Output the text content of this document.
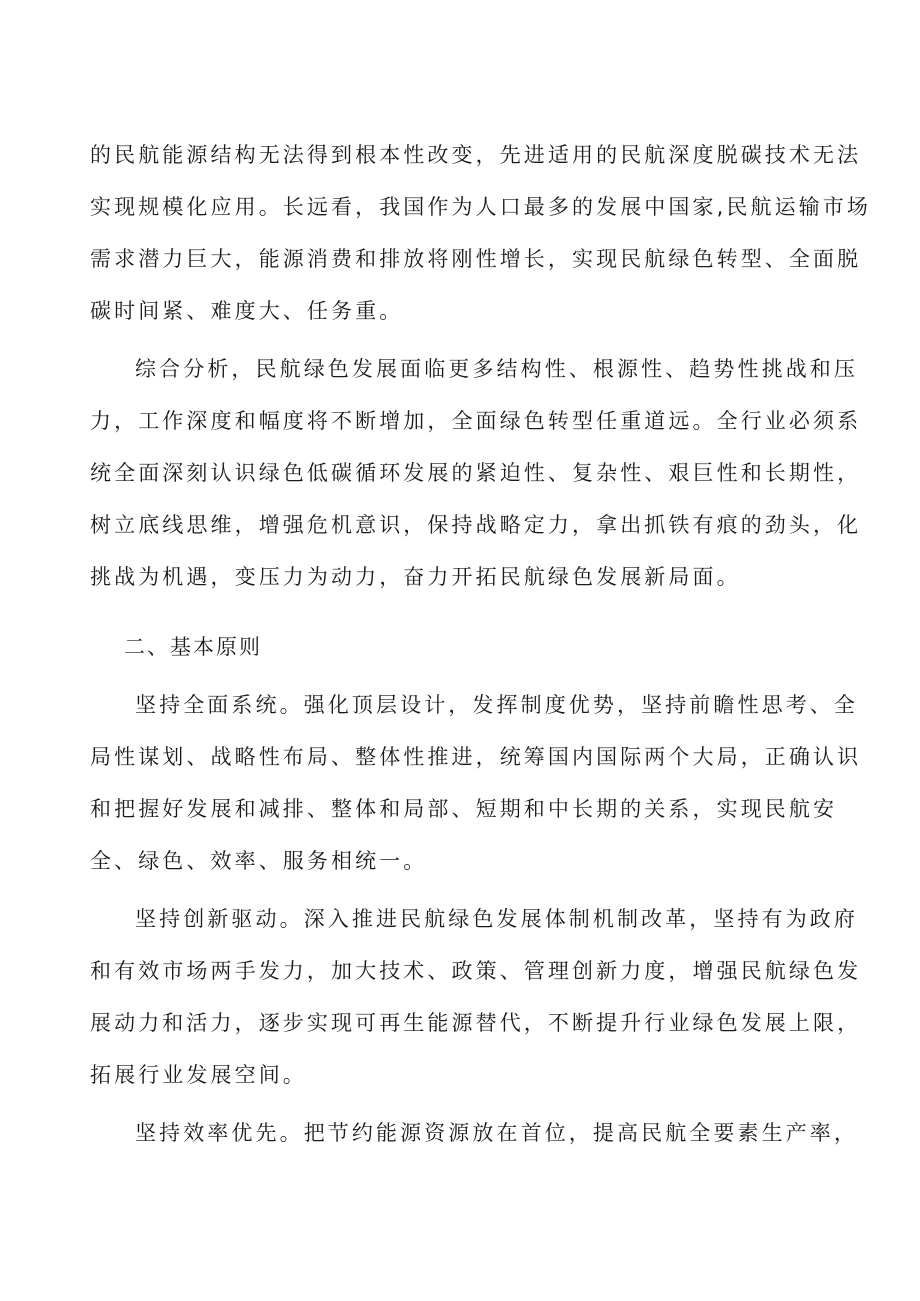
的民航能源结构无法得到根本性改变，先进适用的民航深度脱碳技术无法
实现规模化应用。长远看，我国作为人口最多的发展中国家,民航运输市场
需求潜力巨大，能源消费和排放将刚性增长，实现民航绿色转型、全面脱
碳时间紧、难度大、任务重。
综合分析，民航绿色发展面临更多结构性、根源性、趋势性挑战和压
力，工作深度和幅度将不断增加，全面绿色转型任重道远。全行业必须系
统全面深刻认识绿色低碳循环发展的紧迫性、复杂性、艰巨性和长期性，
树立底线思维，增强危机意识，保持战略定力，拿出抓铁有痕的劲头，化
挑战为机遇，变压力为动力，奋力开拓民航绿色发展新局面。
二、基本原则
坚持全面系统。强化顶层设计，发挥制度优势，坚持前瞻性思考、全
局性谋划、战略性布局、整体性推进，统筹国内国际两个大局，正确认识
和把握好发展和减排、整体和局部、短期和中长期的关系，实现民航安
全、绿色、效率、服务相统一。
坚持创新驱动。深入推进民航绿色发展体制机制改革，坚持有为政府
和有效市场两手发力，加大技术、政策、管理创新力度，增强民航绿色发
展动力和活力，逐步实现可再生能源替代，不断提升行业绿色发展上限，
拓展行业发展空间。
坚持效率优先。把节约能源资源放在首位，提高民航全要素生产率，
